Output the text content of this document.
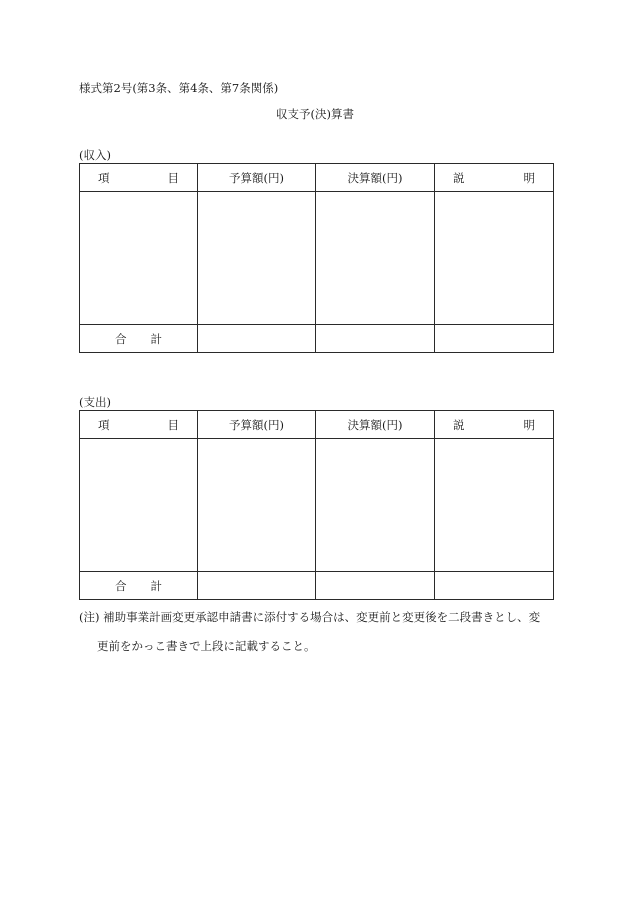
様式第2号(第3条、第4条、第7条関係)
収支予(決)算書
(収入)
項 目	予算額(円)	決算額(円)	説 明

合 計			

(支出)
項 目	予算額(円)	決算額(円)	説 明

合 計			

(注) 補助事業計画変更承認申請書に添付する場合は、変更前と変更後を二段書きとし、変
更前をかっこ書きで上段に記載すること。
